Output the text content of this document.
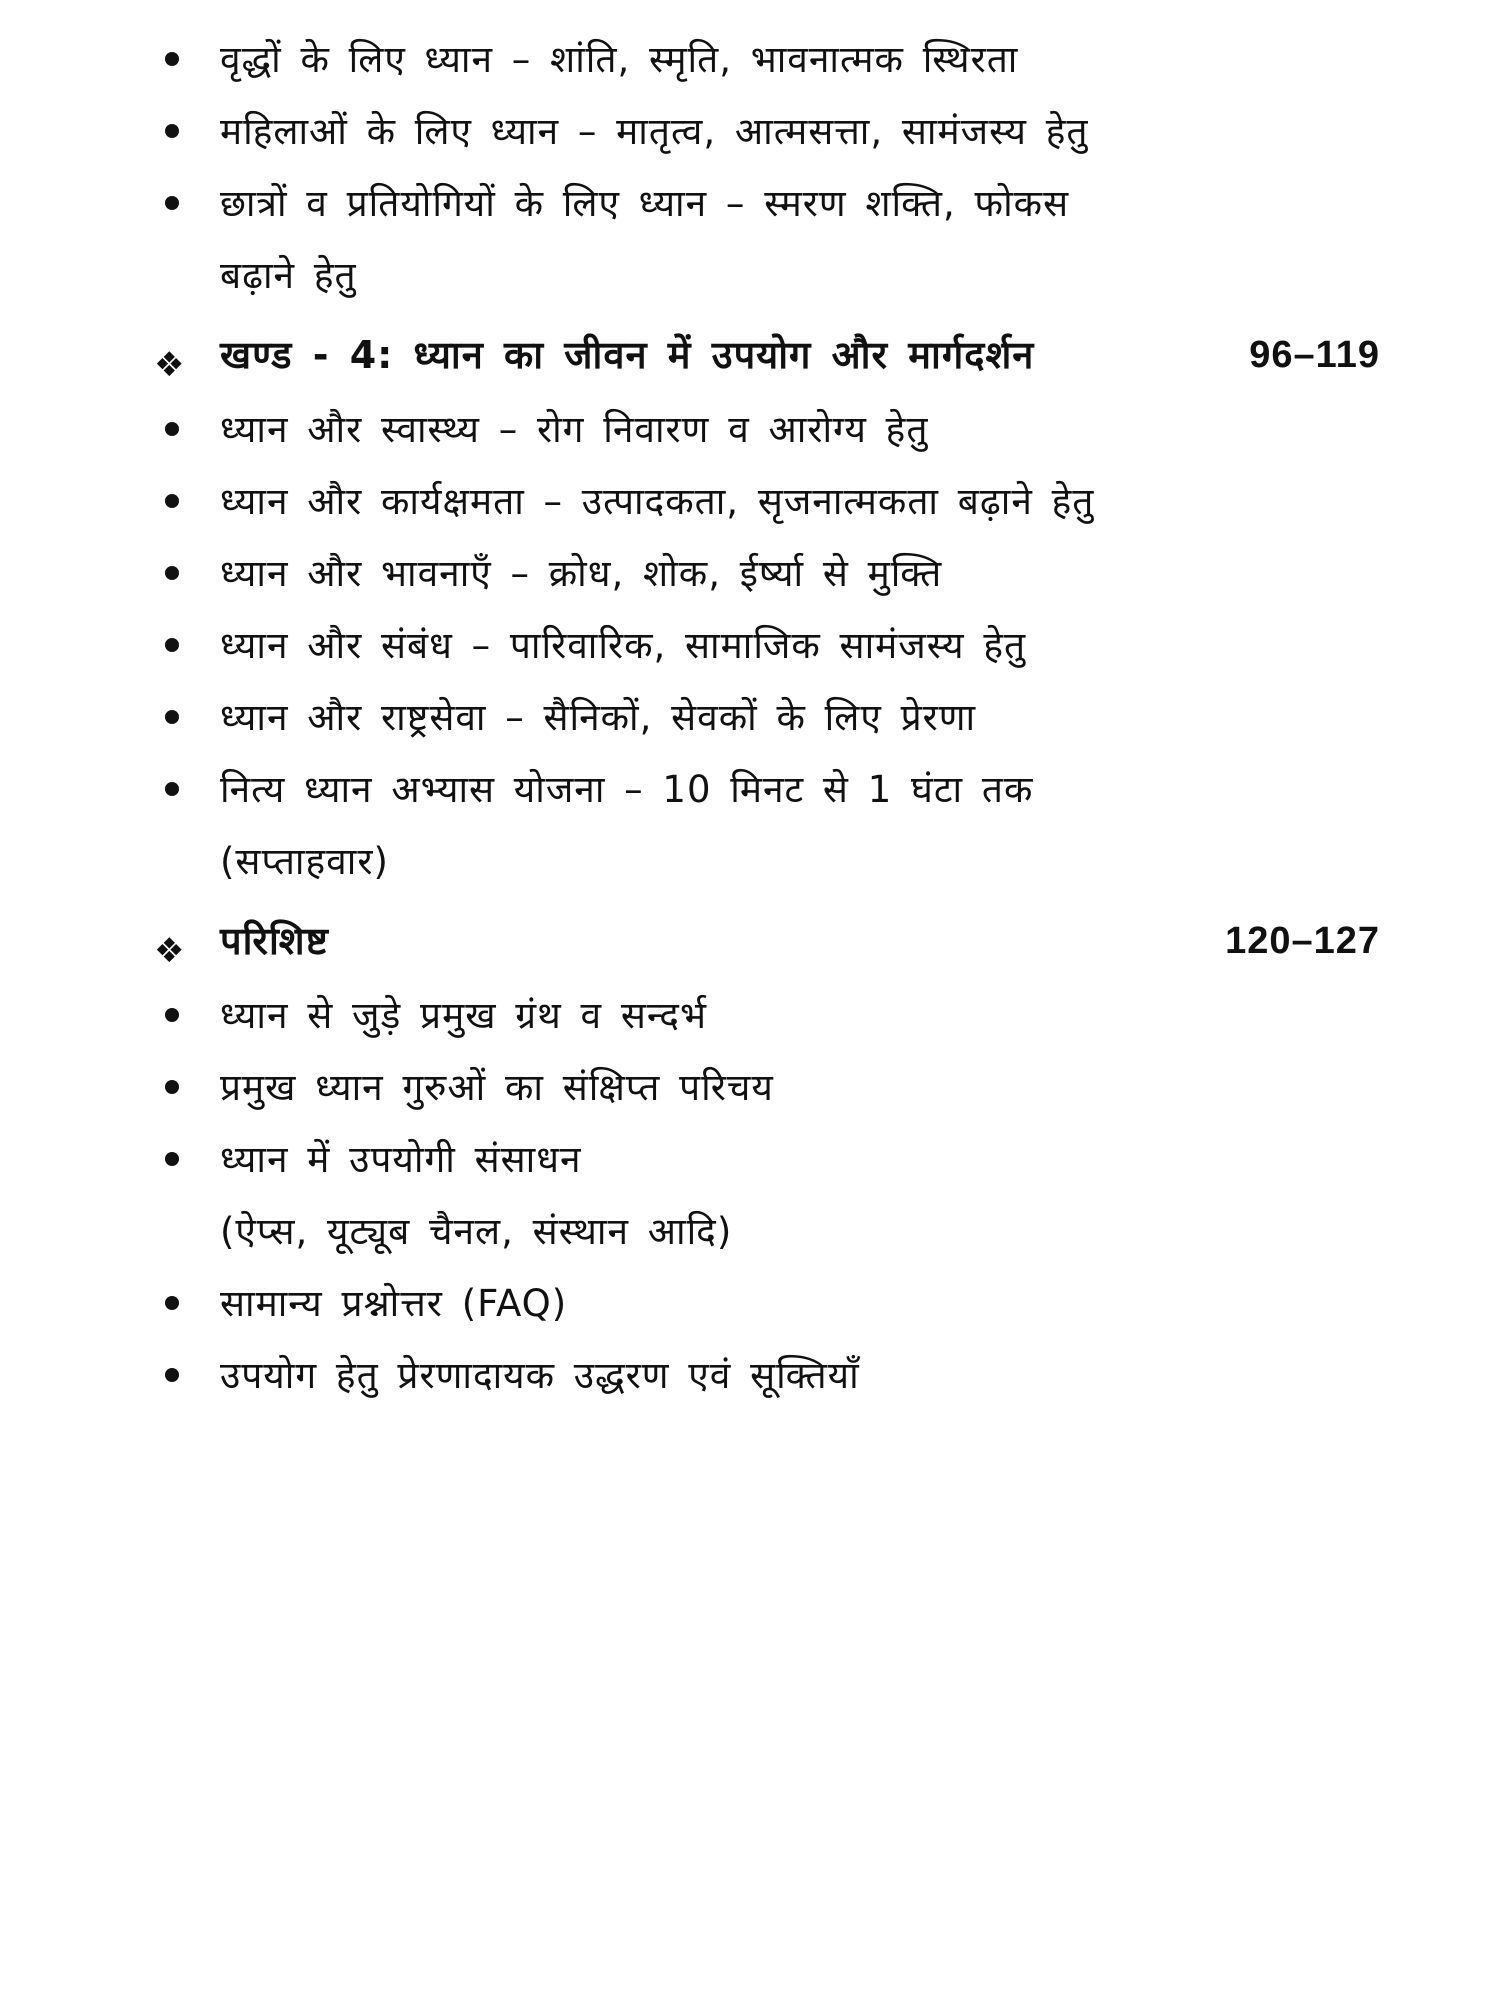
वृद्धों के लिए ध्यान – शांति, स्मृति, भावनात्मक स्थिरता
महिलाओं के लिए ध्यान – मातृत्व, आत्मसत्ता, सामंजस्य हेतु
छात्रों व प्रतियोगियों के लिए ध्यान – स्मरण शक्ति, फोकस
बढ़ाने हेतु
❖ खण्ड - 4: ध्यान का जीवन में उपयोग और मार्गदर्शन	96–119
ध्यान और स्वास्थ्य – रोग निवारण व आरोग्य हेतु
ध्यान और कार्यक्षमता – उत्पादकता, सृजनात्मकता बढ़ाने हेतु
ध्यान और भावनाएँ – क्रोध, शोक, ईर्ष्या से मुक्ति
ध्यान और संबंध – पारिवारिक, सामाजिक सामंजस्य हेतु
ध्यान और राष्ट्रसेवा – सैनिकों, सेवकों के लिए प्रेरणा
नित्य ध्यान अभ्यास योजना – 10 मिनट से 1 घंटा तक
(सप्ताहवार)
❖ परिशिष्ट	120–127
ध्यान से जुड़े प्रमुख ग्रंथ व सन्दर्भ
प्रमुख ध्यान गुरुओं का संक्षिप्त परिचय
ध्यान में उपयोगी संसाधन
(ऐप्स, यूट्यूब चैनल, संस्थान आदि)
सामान्य प्रश्नोत्तर (FAQ)
उपयोग हेतु प्रेरणादायक उद्धरण एवं सूक्तियाँ
